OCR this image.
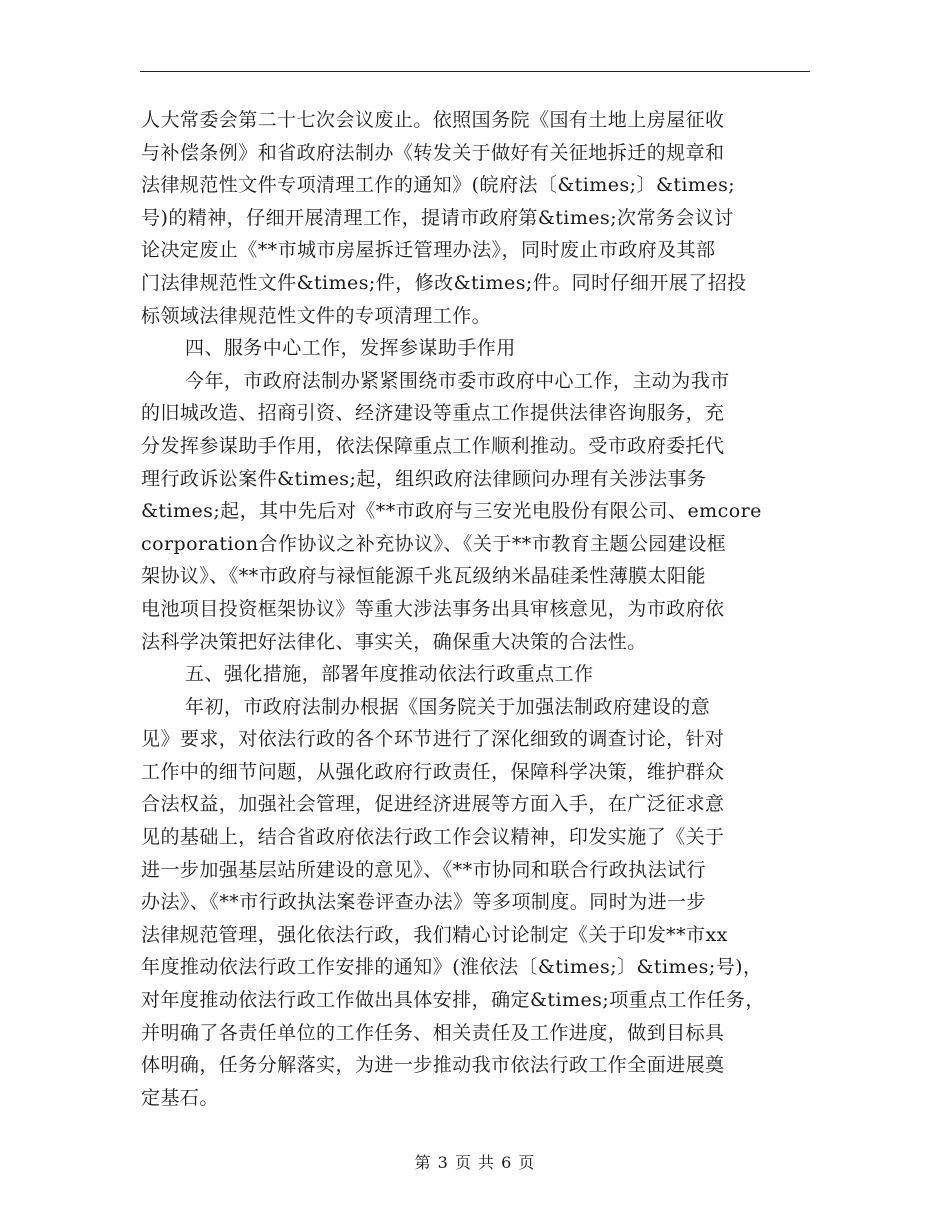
人大常委会第二十七次会议废止。依照国务院《国有土地上房屋征收
与补偿条例》和省政府法制办《转发关于做好有关征地拆迁的规章和
法律规范性文件专项清理工作的通知》(皖府法〔&times;〕&times;
号)的精神，仔细开展清理工作，提请市政府第&times;次常务会议讨
论决定废止《**市城市房屋拆迁管理办法》，同时废止市政府及其部
门法律规范性文件&times;件，修改&times;件。同时仔细开展了招投
标领域法律规范性文件的专项清理工作。
四、服务中心工作，发挥参谋助手作用
今年，市政府法制办紧紧围绕市委市政府中心工作，主动为我市
的旧城改造、招商引资、经济建设等重点工作提供法律咨询服务，充
分发挥参谋助手作用，依法保障重点工作顺利推动。受市政府委托代
理行政诉讼案件&times;起，组织政府法律顾问办理有关涉法事务
&times;起，其中先后对《**市政府与三安光电股份有限公司、emcore
corporation合作协议之补充协议》、《关于**市教育主题公园建设框
架协议》、《**市政府与禄恒能源千兆瓦级纳米晶硅柔性薄膜太阳能
电池项目投资框架协议》等重大涉法事务出具审核意见，为市政府依
法科学决策把好法律化、事实关，确保重大决策的合法性。
五、强化措施，部署年度推动依法行政重点工作
年初，市政府法制办根据《国务院关于加强法制政府建设的意
见》要求，对依法行政的各个环节进行了深化细致的调查讨论，针对
工作中的细节问题，从强化政府行政责任，保障科学决策，维护群众
合法权益，加强社会管理，促进经济进展等方面入手，在广泛征求意
见的基础上，结合省政府依法行政工作会议精神，印发实施了《关于
进一步加强基层站所建设的意见》、《**市协同和联合行政执法试行
办法》、《**市行政执法案卷评查办法》等多项制度。同时为进一步
法律规范管理，强化依法行政，我们精心讨论制定《关于印发**市xx
年度推动依法行政工作安排的通知》(淮依法〔&times;〕&times;号)，
对年度推动依法行政工作做出具体安排，确定&times;项重点工作任务，
并明确了各责任单位的工作任务、相关责任及工作进度，做到目标具
体明确，任务分解落实，为进一步推动我市依法行政工作全面进展奠
定基石。
第 3 页 共 6 页
